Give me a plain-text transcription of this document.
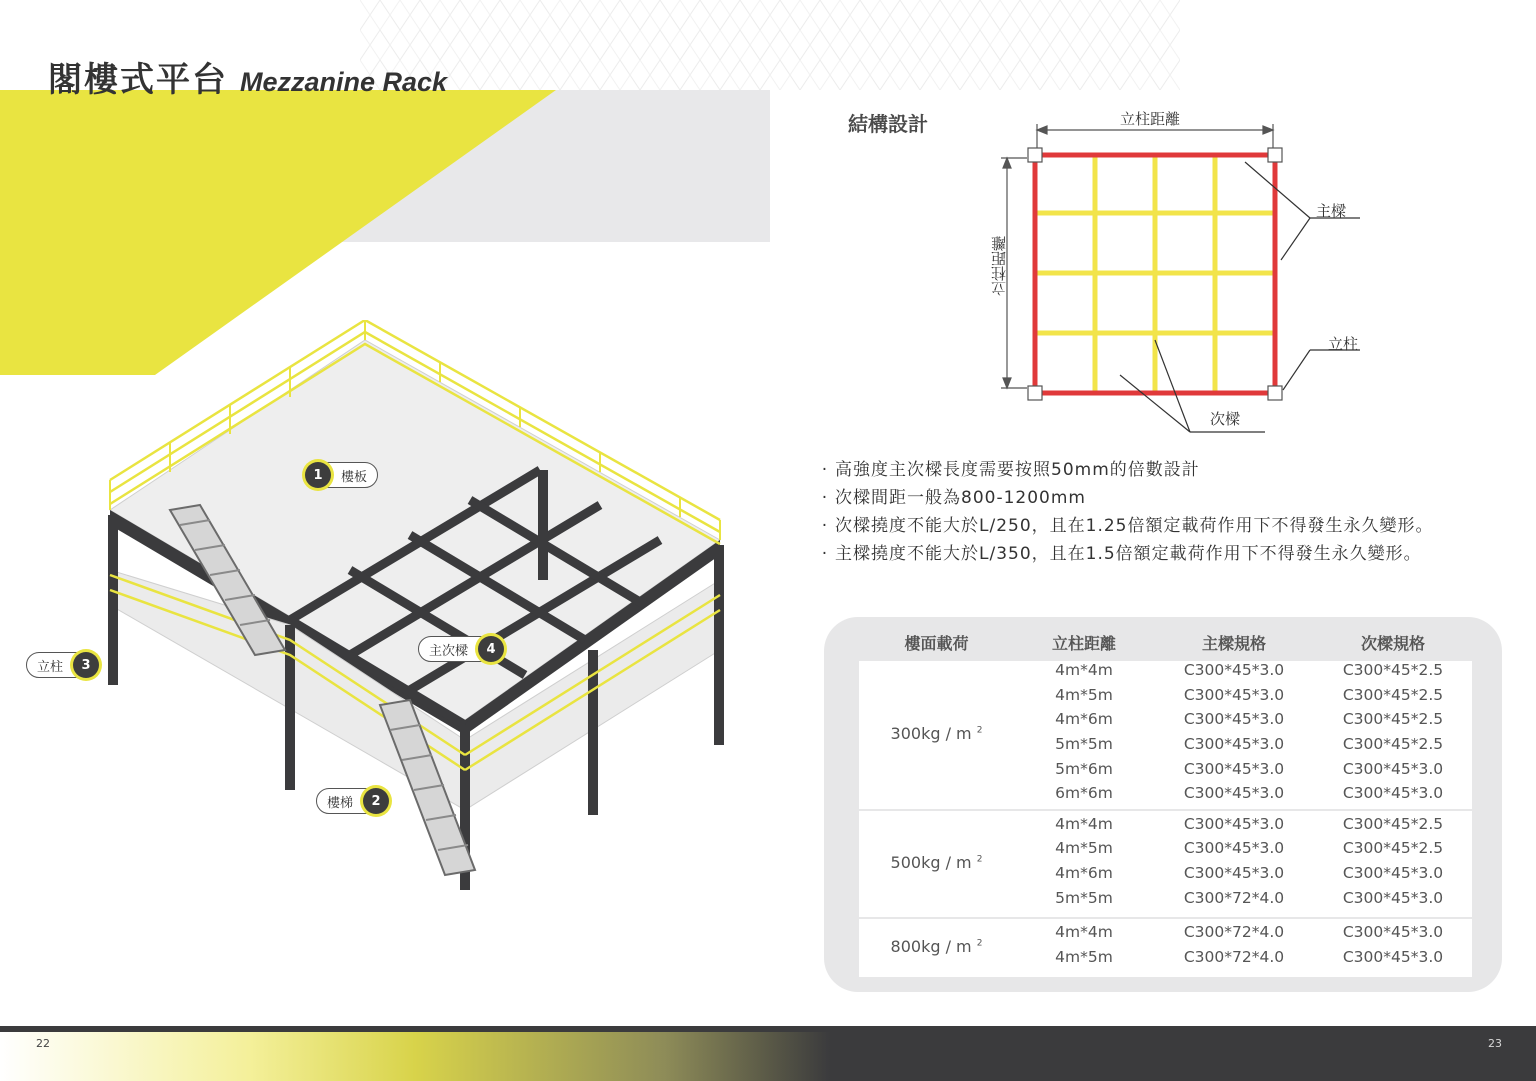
閣樓式平台 Mezzanine Rack
1	樓板
樓梯	2
立柱	3
主次樑	4
結構設計	立柱距離
立柱距離
主樑
立柱
次樑
· 高強度主次樑長度需要按照50mm的倍數設計
· 次樑間距一般為800-1200mm
· 次樑撓度不能大於L/250，且在1.25倍額定載荷作用下不得發生永久變形。
· 主樑撓度不能大於L/350，且在1.5倍額定載荷作用下不得發生永久變形。
樓面載荷	立柱距離	主樑規格	次樑規格
300kg / m $^2$
4m*4m	C300*45*3.0	C300*45*2.5
4m*5m	C300*45*3.0	C300*45*2.5
4m*6m	C300*45*3.0	C300*45*2.5
5m*5m	C300*45*3.0	C300*45*2.5
5m*6m	C300*45*3.0	C300*45*3.0
6m*6m	C300*45*3.0	C300*45*3.0
500kg / m $^2$
4m*4m	C300*45*3.0	C300*45*2.5
4m*5m	C300*45*3.0	C300*45*2.5
4m*6m	C300*45*3.0	C300*45*3.0
5m*5m	C300*72*4.0	C300*45*3.0
800kg / m $^2$
4m*4m	C300*72*4.0	C300*45*3.0
4m*5m	C300*72*4.0	C300*45*3.0
22	23
